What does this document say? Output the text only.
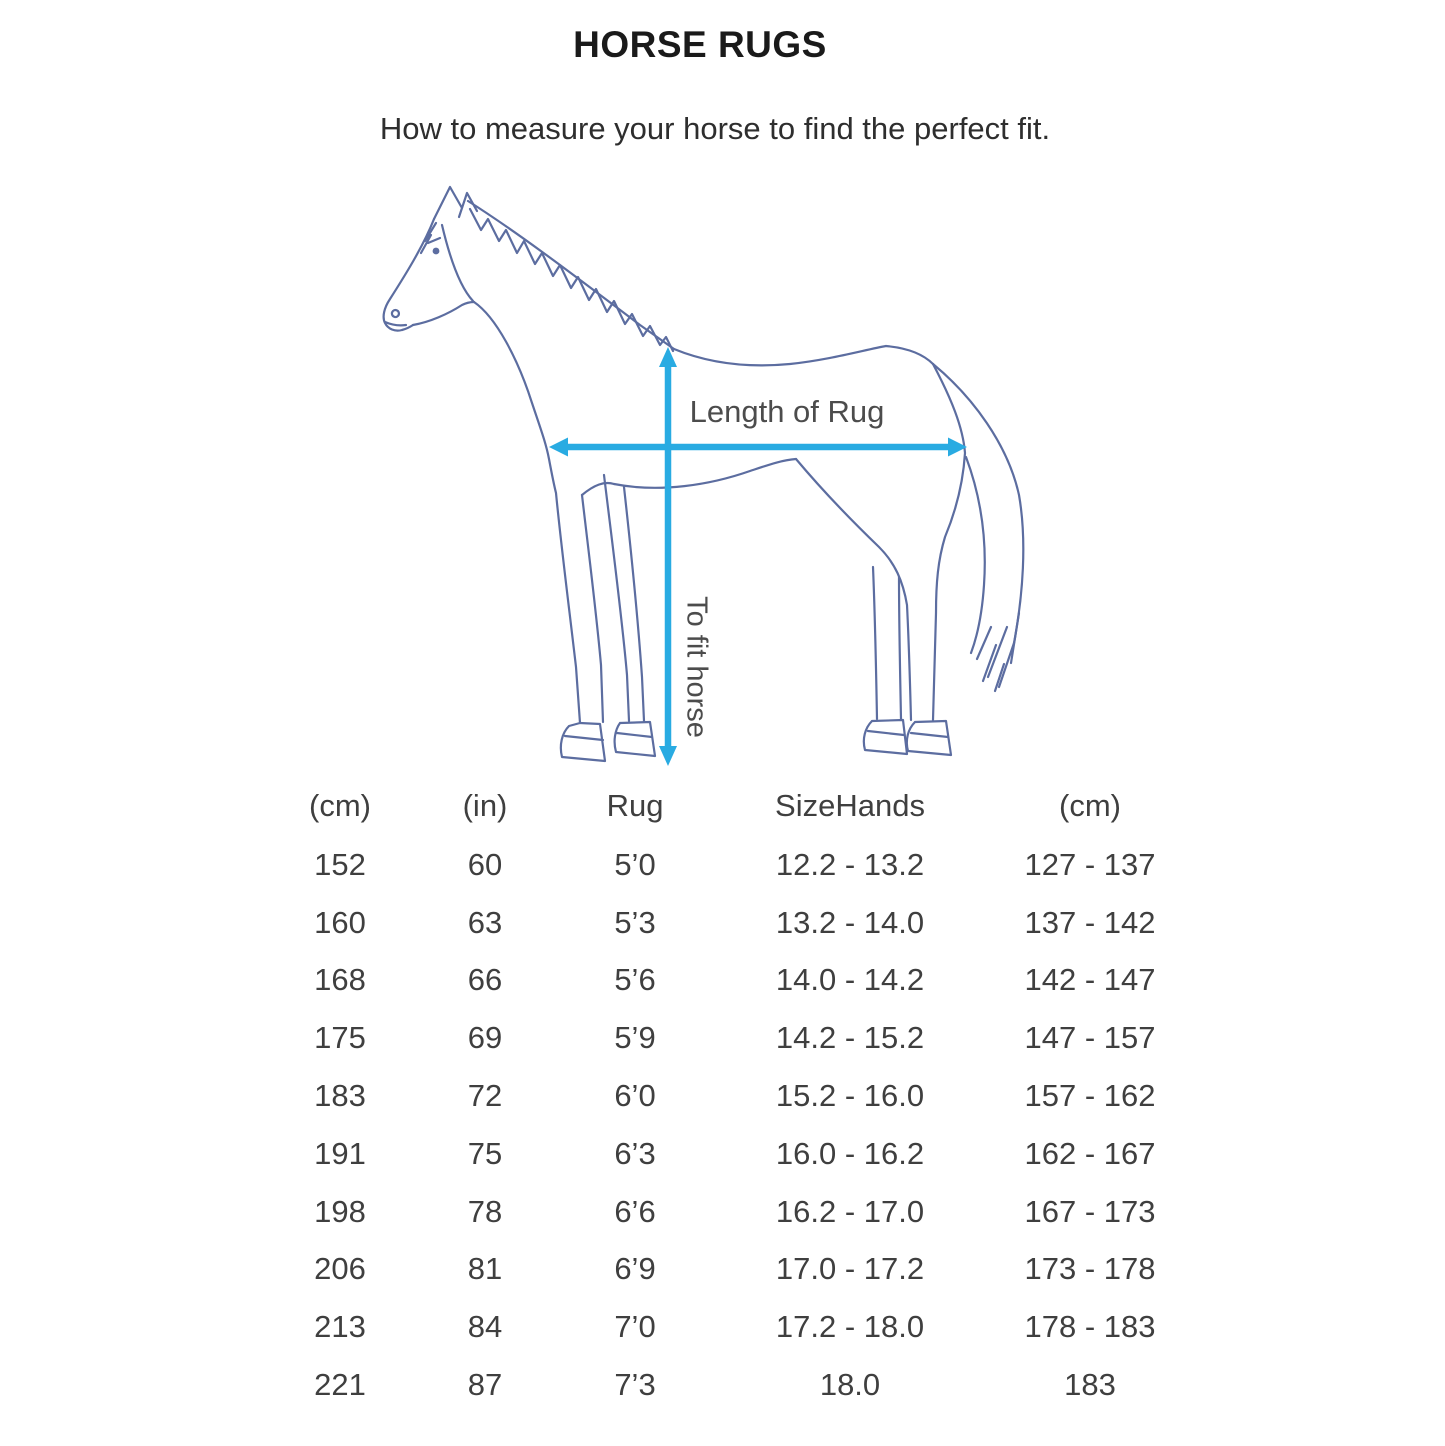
HORSE RUGS
How to measure your horse to find the perfect fit.
Length of Rug
To fit horse
(cm)	(in)	Rug	SizeHands	(cm)
152	60	5’0	12.2 - 13.2	127 - 137
160	63	5’3	13.2 - 14.0	137 - 142
168	66	5’6	14.0 - 14.2	142 - 147
175	69	5’9	14.2 - 15.2	147 - 157
183	72	6’0	15.2 - 16.0	157 - 162
191	75	6’3	16.0 - 16.2	162 - 167
198	78	6’6	16.2 - 17.0	167 - 173
206	81	6’9	17.0 - 17.2	173 - 178
213	84	7’0	17.2 - 18.0	178 - 183
221	87	7’3	18.0	183
